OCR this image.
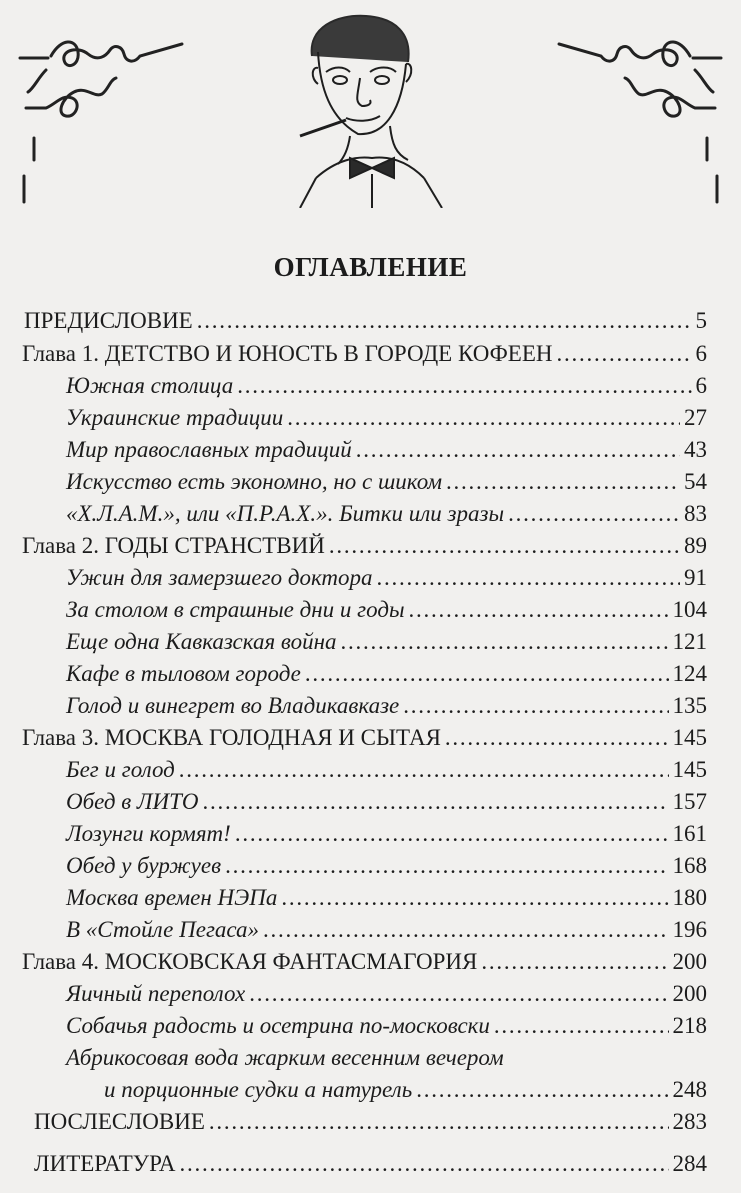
ОГЛАВЛЕНИЕ
ПРЕДИСЛОВИЕ . . .	5
Глава 1. ДЕТСТВО И ЮНОСТЬ В ГОРОДЕ КОФЕЕН . . .	6
Южная столица . . .	6
Украинские традиции . . .	27
Мир православных традиций . . .	43
Искусство есть экономно, но с шиком . . .	54
«Х.Л.А.М.», или «П.Р.А.Х.». Битки или зразы . . .	83
Глава 2. ГОДЫ СТРАНСТВИЙ . . .	89
Ужин для замерзшего доктора . . .	91
За столом в страшные дни и годы . . .	104
Еще одна Кавказская война . . .	121
Кафе в тыловом городе . . .	124
Голод и винегрет во Владикавказе . . .	135
Глава 3. МОСКВА ГОЛОДНАЯ И СЫТАЯ . . .	145
Бег и голод . . .	145
Обед в ЛИТО . . .	157
Лозунги кормят! . . .	161
Обед у буржуев . . .	168
Москва времен НЭПа . . .	180
В «Стойле Пегаса» . . .	196
Глава 4. МОСКОВСКАЯ ФАНТАСМАГОРИЯ . . .	200
Яичный переполох . . .	200
Собачья радость и осетрина по-московски . . .	218
Абрикосовая вода жарким весенним вечером
и порционные судки а натурель . . .	248
ПОСЛЕСЛОВИЕ . . .	283
ЛИТЕРАТУРА . . .	284
